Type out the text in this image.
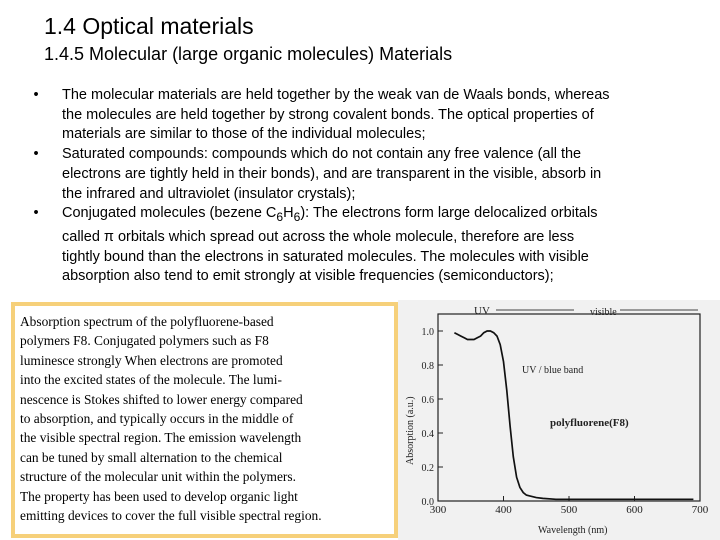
1.4 Optical materials
1.4.5 Molecular (large organic molecules) Materials
• The molecular materials are held together by the weak van de Waals bonds, whereas
the molecules are held together by strong covalent bonds. The optical properties of
materials are similar to those of the individual molecules;
• Saturated compounds: compounds which do not contain any free valence (all the
electrons are tightly held in their bonds), and are transparent in the visible, absorb in
the infrared and ultraviolet (insulator crystals);
• Conjugated molecules (bezene $C_6H_6$): The electrons form large delocalized orbitals
called π orbitals which spread out across the whole molecule, therefore are less
tightly bound than the electrons in saturated molecules. The molecules with visible
absorption also tend to emit strongly at visible frequencies (semiconductors);
Absorption spectrum of the polyfluorene-based
polymers F8. Conjugated polymers such as F8
luminesce strongly When electrons are promoted
into the excited states of the molecule. The lumi-
nescence is Stokes shifted to lower energy compared
to absorption, and typically occurs in the middle of
the visible spectral region. The emission wavelength
can be tuned by small alternation to the chemical
structure of the molecular unit within the polymers.
The property has been used to develop organic light
emitting devices to cover the full visible spectral region.
UV	visible
UV / blue band
polyfluorene(F8)
Wavelength (nm)
Absorption (a.u.)
0.0
0.2
0.4
0.6
0.8
1.0
300	400	500	600	700
